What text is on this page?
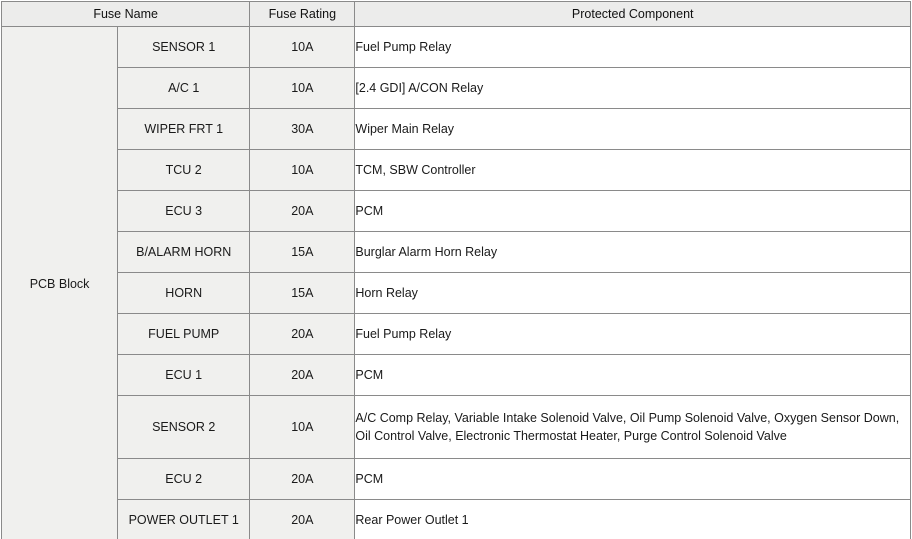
Fuse Name		Fuse Rating	Protected Component
PCB Block	SENSOR 1	10A	Fuel Pump Relay
	A/C 1	10A	[2.4 GDI] A/CON Relay
	WIPER FRT 1	30A	Wiper Main Relay
	TCU 2	10A	TCM, SBW Controller
	ECU 3	20A	PCM
	B/ALARM HORN	15A	Burglar Alarm Horn Relay
	HORN	15A	Horn Relay
	FUEL PUMP	20A	Fuel Pump Relay
	ECU 1	20A	PCM
	SENSOR 2	10A	A/C Comp Relay, Variable Intake Solenoid Valve, Oil Pump Solenoid Valve, Oxygen Sensor Down, Oil Control Valve, Electronic Thermostat Heater, Purge Control Solenoid Valve
	ECU 2	20A	PCM
	POWER OUTLET 1	20A	Rear Power Outlet 1
